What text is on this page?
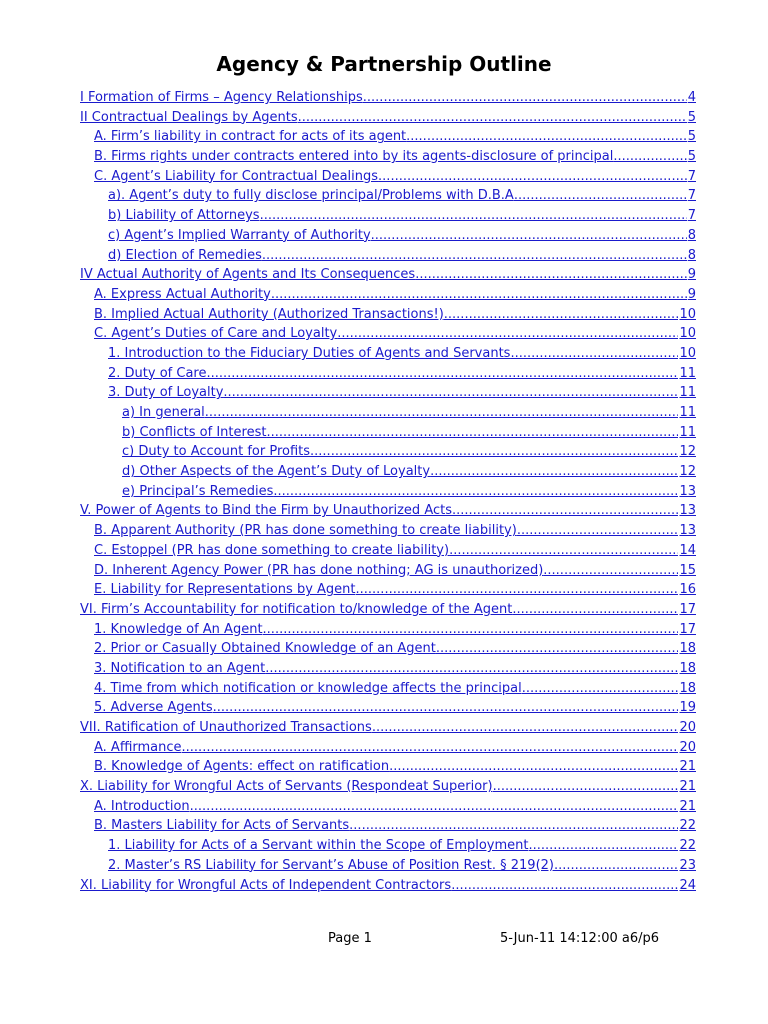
Agency & Partnership Outline
I Formation of Firms – Agency Relationships .....	4
II Contractual Dealings by Agents .....	5
A. Firm’s liability in contract for acts of its agent .....	5
B. Firms rights under contracts entered into by its agents-disclosure of principal .....	5
C. Agent’s Liability for Contractual Dealings .....	7
a). Agent’s duty to fully disclose principal/Problems with D.B.A .....	7
b) Liability of Attorneys .....	7
c) Agent’s Implied Warranty of Authority .....	8
d) Election of Remedies .....	8
IV Actual Authority of Agents and Its Consequences .....	9
A. Express Actual Authority .....	9
B. Implied Actual Authority (Authorized Transactions!) .....	10
C. Agent’s Duties of Care and Loyalty .....	10
1. Introduction to the Fiduciary Duties of Agents and Servants .....	10
2. Duty of Care .....	11
3. Duty of Loyalty .....	11
a) In general .....	11
b) Conflicts of Interest .....	11
c) Duty to Account for Profits .....	12
d) Other Aspects of the Agent’s Duty of Loyalty .....	12
e) Principal’s Remedies .....	13
V. Power of Agents to Bind the Firm by Unauthorized Acts .....	13
B. Apparent Authority (PR has done something to create liability) .....	13
C. Estoppel (PR has done something to create liability) .....	14
D. Inherent Agency Power (PR has done nothing; AG is unauthorized) .....	15
E. Liability for Representations by Agent .....	16
VI. Firm’s Accountability for notification to/knowledge of the Agent .....	17
1. Knowledge of An Agent .....	17
2. Prior or Casually Obtained Knowledge of an Agent .....	18
3. Notification to an Agent .....	18
4. Time from which notification or knowledge affects the principal .....	18
5. Adverse Agents .....	19
VII. Ratification of Unauthorized Transactions .....	20
A. Affirmance .....	20
B. Knowledge of Agents: effect on ratification .....	21
X. Liability for Wrongful Acts of Servants (Respondeat Superior) .....	21
A. Introduction .....	21
B. Masters Liability for Acts of Servants .....	22
1. Liability for Acts of a Servant within the Scope of Employment .....	22
2. Master’s RS Liability for Servant’s Abuse of Position Rest. § 219(2) .....	23
XI. Liability for Wrongful Acts of Independent Contractors .....	24
Page 1	5-Jun-11 14:12:00 a6/p6
